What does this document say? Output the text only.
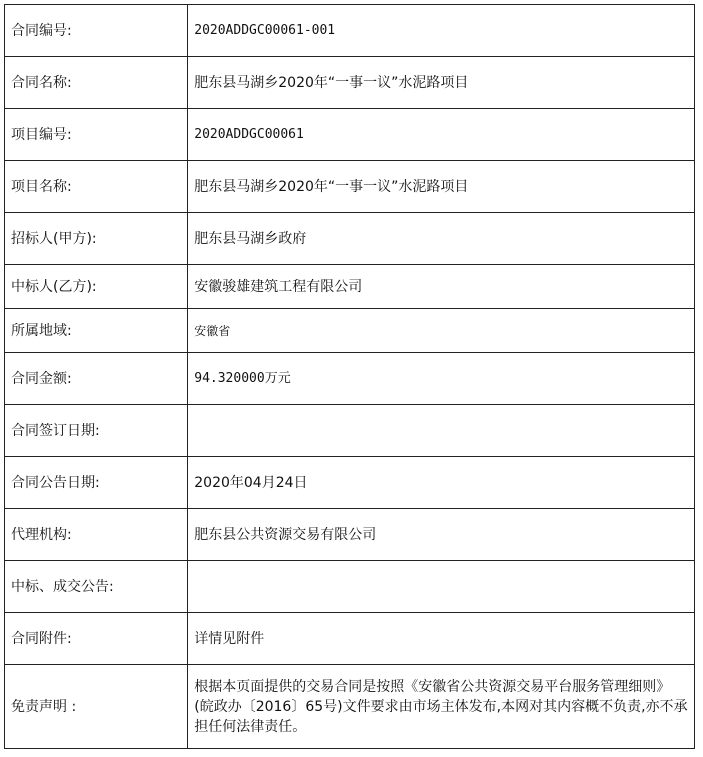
合同编号:	2020ADDGC00061-001
合同名称:	肥东县马湖乡2020年“一事一议”水泥路项目
项目编号:	2020ADDGC00061
项目名称:	肥东县马湖乡2020年“一事一议”水泥路项目
招标人(甲方):	肥东县马湖乡政府
中标人(乙方):	安徽骏雄建筑工程有限公司
所属地域:	安徽省
合同金额:	94.320000万元
合同签订日期:	
合同公告日期:	2020年04月24日
代理机构:	肥东县公共资源交易有限公司
中标、成交公告:	
合同附件:	详情见附件
免责声明 :	根据本页面提供的交易合同是按照《安徽省公共资源交易平台服务管理细则》(皖政办〔2016〕65号)文件要求由市场主体发布,本网对其内容概不负责,亦不承担任何法律责任。
